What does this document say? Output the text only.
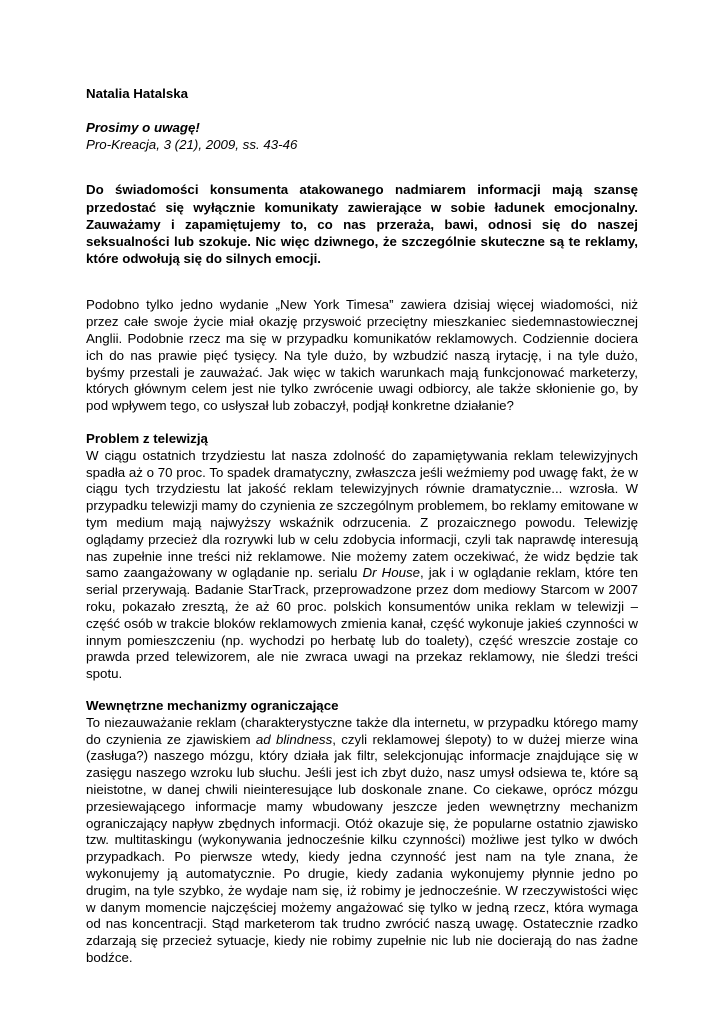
Natalia Hatalska

Prosimy o uwagę!

Pro-Kreacja, 3 (21), 2009, ss. 43-46

Do świadomości konsumenta atakowanego nadmiarem informacji mają szansę przedostać się wyłącznie komunikaty zawierające w sobie ładunek emocjonalny. Zauważamy i zapamiętujemy to, co nas przeraża, bawi, odnosi się do naszej seksualności lub szokuje. Nic więc dziwnego, że szczególnie skuteczne są te reklamy, które odwołują się do silnych emocji.

Podobno tylko jedno wydanie „New York Timesa” zawiera dzisiaj więcej wiadomości, niż przez całe swoje życie miał okazję przyswoić przeciętny mieszkaniec siedemnastowiecznej Anglii. Podobnie rzecz ma się w przypadku komunikatów reklamowych. Codziennie dociera ich do nas prawie pięć tysięcy. Na tyle dużo, by wzbudzić naszą irytację, i na tyle dużo, byśmy przestali je zauważać. Jak więc w takich warunkach mają funkcjonować marketerzy, których głównym celem jest nie tylko zwrócenie uwagi odbiorcy, ale także skłonienie go, by pod wpływem tego, co usłyszał lub zobaczył, podjął konkretne działanie?

Problem z telewizją

W ciągu ostatnich trzydziestu lat nasza zdolność do zapamiętywania reklam telewizyjnych spadła aż o 70 proc. To spadek dramatyczny, zwłaszcza jeśli weźmiemy pod uwagę fakt, że w ciągu tych trzydziestu lat jakość reklam telewizyjnych równie dramatycznie... wzrosła. W przypadku telewizji mamy do czynienia ze szczególnym problemem, bo reklamy emitowane w tym medium mają najwyższy wskaźnik odrzucenia. Z prozaicznego powodu. Telewizję oglądamy przecież dla rozrywki lub w celu zdobycia informacji, czyli tak naprawdę interesują nas zupełnie inne treści niż reklamowe. Nie możemy zatem oczekiwać, że widz będzie tak samo zaangażowany w oglądanie np. serialu Dr House, jak i w oglądanie reklam, które ten serial przerywają. Badanie StarTrack, przeprowadzone przez dom mediowy Starcom w 2007 roku, pokazało zresztą, że aż 60 proc. polskich konsumentów unika reklam w telewizji – część osób w trakcie bloków reklamowych zmienia kanał, część wykonuje jakieś czynności w innym pomieszczeniu (np. wychodzi po herbatę lub do toalety), część wreszcie zostaje co prawda przed telewizorem, ale nie zwraca uwagi na przekaz reklamowy, nie śledzi treści spotu.

Wewnętrzne mechanizmy ograniczające

To niezauważanie reklam (charakterystyczne także dla internetu, w przypadku którego mamy do czynienia ze zjawiskiem ad blindness, czyli reklamowej ślepoty) to w dużej mierze wina (zasługa?) naszego mózgu, który działa jak filtr, selekcjonując informacje znajdujące się w zasięgu naszego wzroku lub słuchu. Jeśli jest ich zbyt dużo, nasz umysł odsiewa te, które są nieistotne, w danej chwili nieinteresujące lub doskonale znane. Co ciekawe, oprócz mózgu przesiewającego informacje mamy wbudowany jeszcze jeden wewnętrzny mechanizm ograniczający napływ zbędnych informacji. Otóż okazuje się, że popularne ostatnio zjawisko tzw. multitaskingu (wykonywania jednocześnie kilku czynności) możliwe jest tylko w dwóch przypadkach. Po pierwsze wtedy, kiedy jedna czynność jest nam na tyle znana, że wykonujemy ją automatycznie. Po drugie, kiedy zadania wykonujemy płynnie jedno po drugim, na tyle szybko, że wydaje nam się, iż robimy je jednocześnie. W rzeczywistości więc w danym momencie najczęściej możemy angażować się tylko w jedną rzecz, która wymaga od nas koncentracji. Stąd marketerom tak trudno zwrócić naszą uwagę. Ostatecznie rzadko zdarzają się przecież sytuacje, kiedy nie robimy zupełnie nic lub nie docierają do nas żadne bodźce.
